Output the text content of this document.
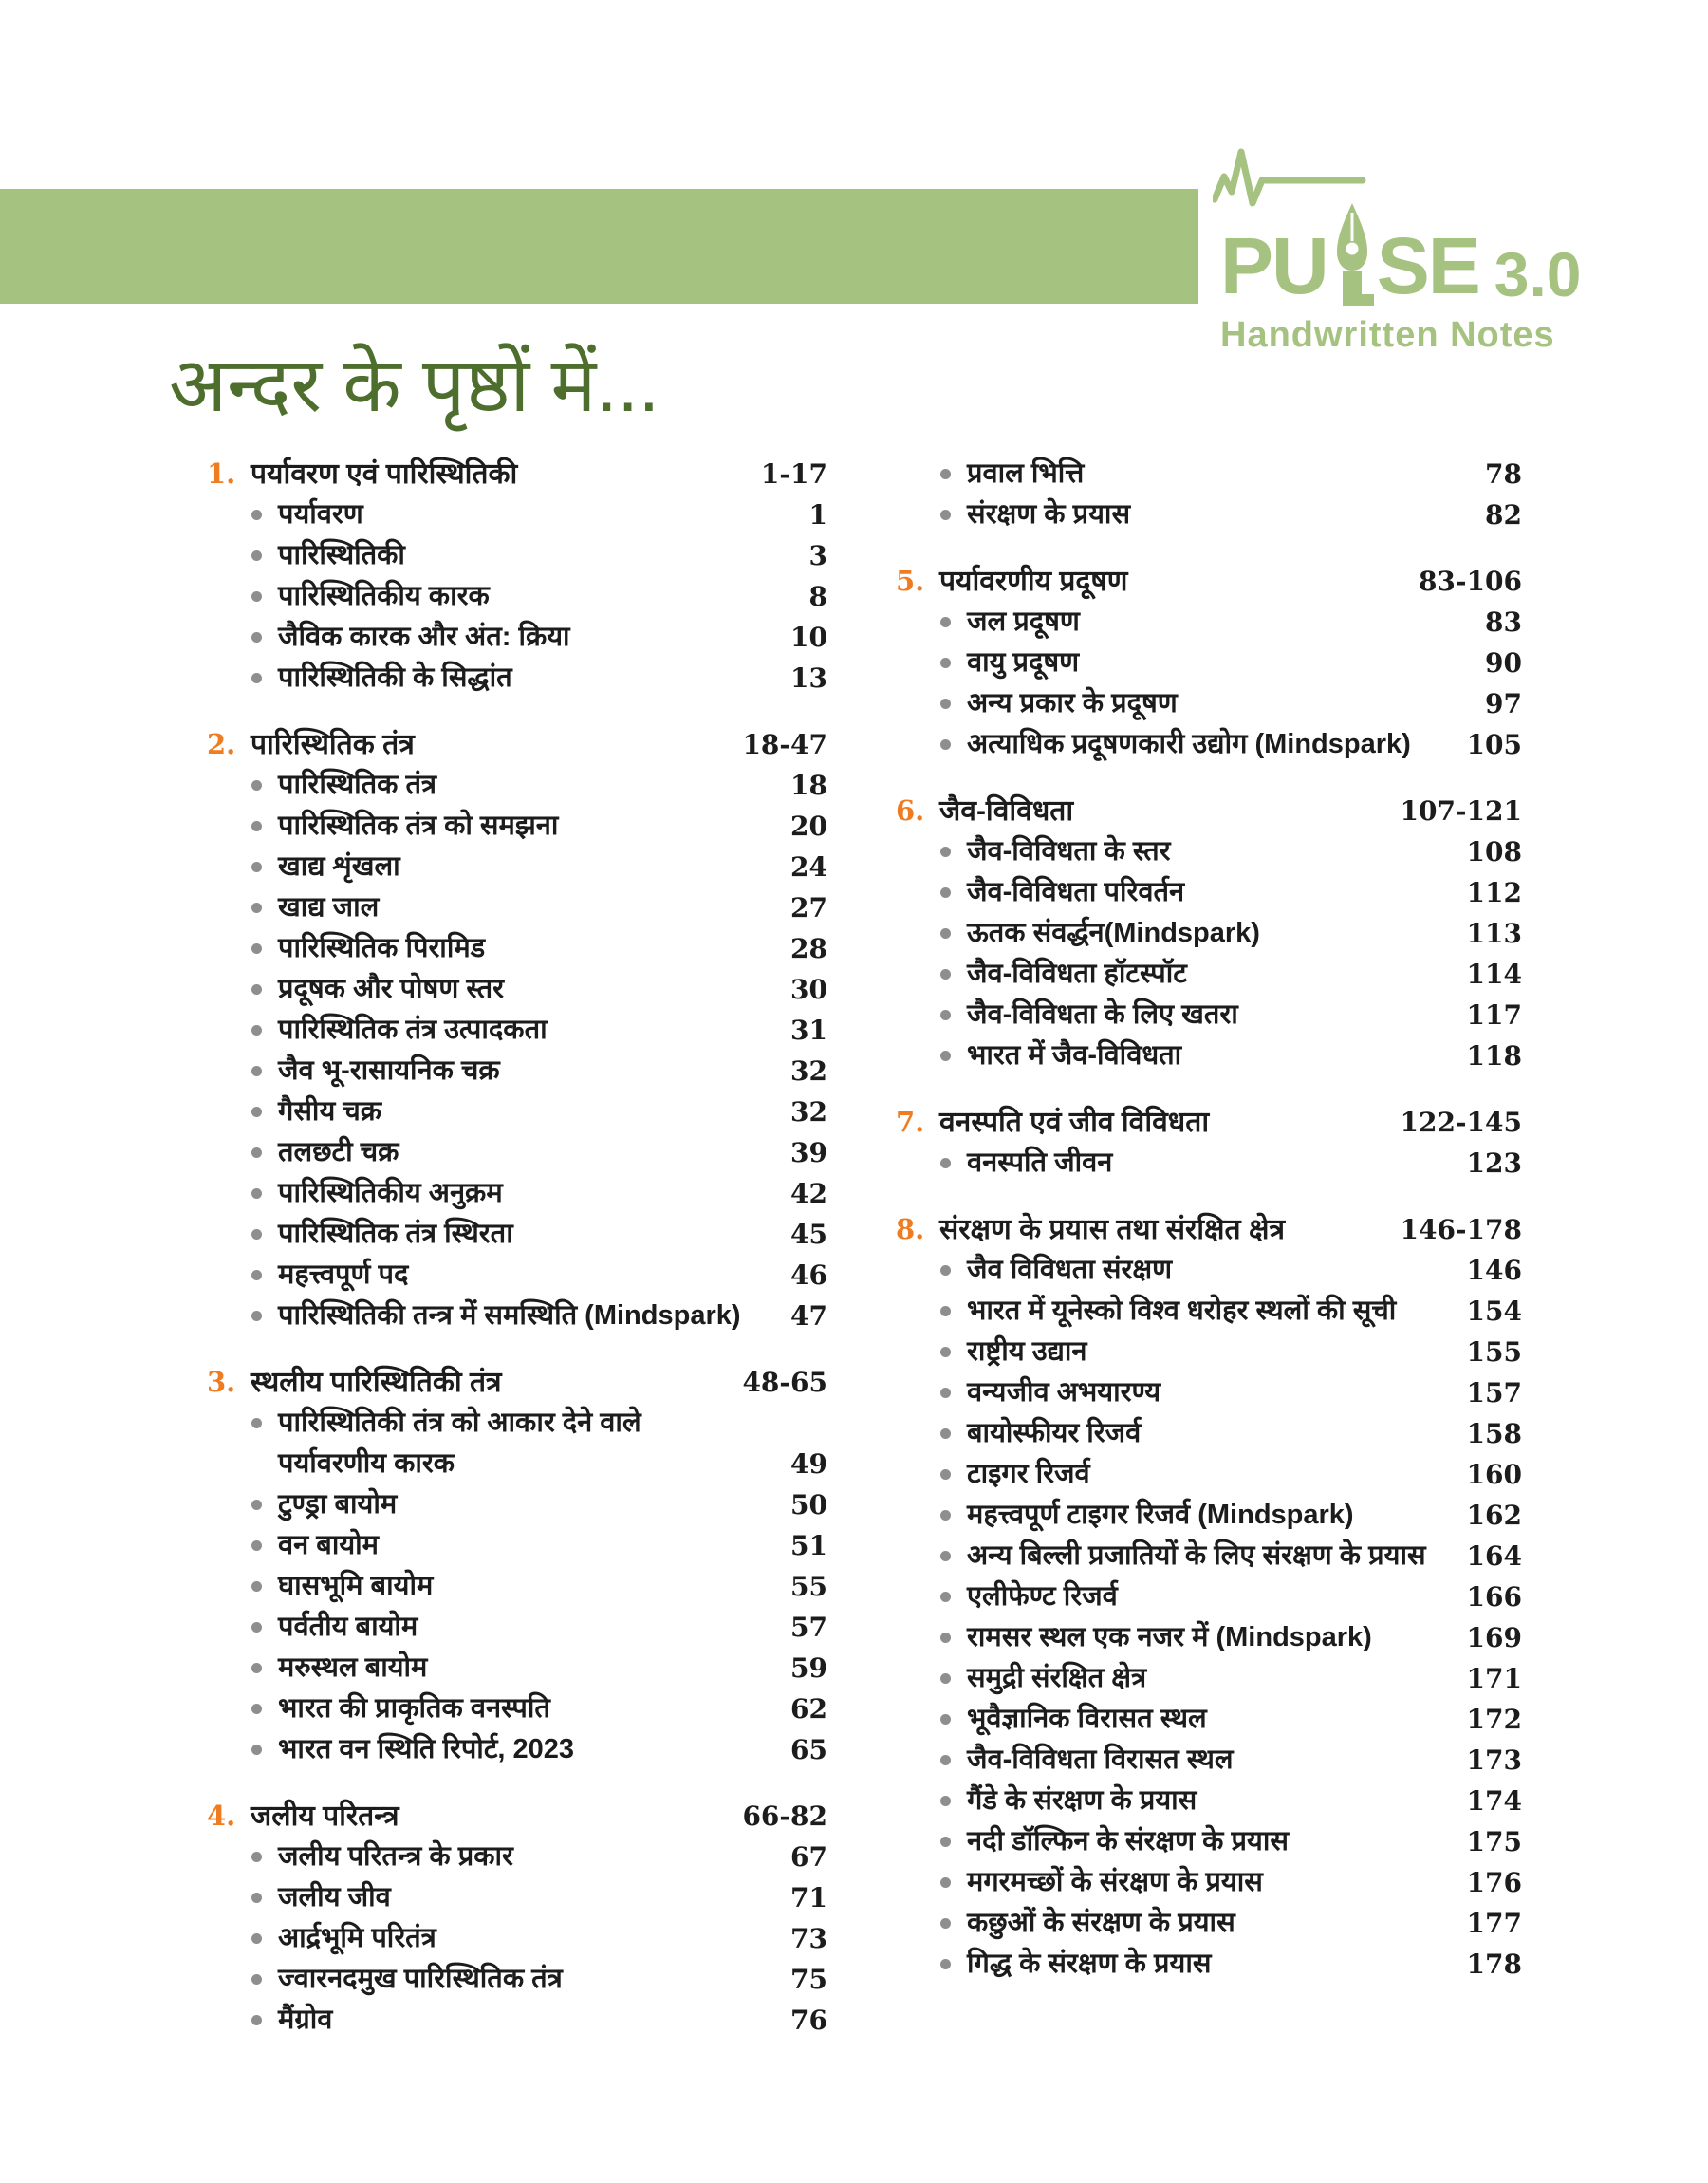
PU SE 3.0
Handwritten Notes
अन्दर के पृष्ठों में...
1. पर्यावरण एवं पारिस्थितिकी	1-17
पर्यावरण	1
पारिस्थितिकी	3
पारिस्थितिकीय कारक	8
जैविक कारक और अंत: क्रिया	10
पारिस्थितिकी के सिद्धांत	13
2. पारिस्थितिक तंत्र	18-47
पारिस्थितिक तंत्र	18
पारिस्थितिक तंत्र को समझना	20
खाद्य शृंखला	24
खाद्य जाल	27
पारिस्थितिक पिरामिड	28
प्रदूषक और पोषण स्तर	30
पारिस्थितिक तंत्र उत्पादकता	31
जैव भू-रासायनिक चक्र	32
गैसीय चक्र	32
तलछटी चक्र	39
पारिस्थितिकीय अनुक्रम	42
पारिस्थितिक तंत्र स्थिरता	45
महत्त्वपूर्ण पद	46
पारिस्थितिकी तन्त्र में समस्थिति (Mindspark)	47
3. स्थलीय पारिस्थितिकी तंत्र	48-65
पारिस्थितिकी तंत्र को आकार देने वाले
पर्यावरणीय कारक	49
टुण्ड्रा बायोम	50
वन बायोम	51
घासभूमि बायोम	55
पर्वतीय बायोम	57
मरुस्थल बायोम	59
भारत की प्राकृतिक वनस्पति	62
भारत वन स्थिति रिपोर्ट, 2023	65
4. जलीय परितन्त्र	66-82
जलीय परितन्त्र के प्रकार	67
जलीय जीव	71
आर्द्रभूमि परितंत्र	73
ज्वारनदमुख पारिस्थितिक तंत्र	75
मैंग्रोव	76
प्रवाल भित्ति	78
संरक्षण के प्रयास	82
5. पर्यावरणीय प्रदूषण	83-106
जल प्रदूषण	83
वायु प्रदूषण	90
अन्य प्रकार के प्रदूषण	97
अत्याधिक प्रदूषणकारी उद्योग (Mindspark)	105
6. जैव-विविधता	107-121
जैव-विविधता के स्तर	108
जैव-विविधता परिवर्तन	112
ऊतक संवर्द्धन(Mindspark)	113
जैव-विविधता हॉटस्पॉट	114
जैव-विविधता के लिए खतरा	117
भारत में जैव-विविधता	118
7. वनस्पति एवं जीव विविधता	122-145
वनस्पति जीवन	123
8. संरक्षण के प्रयास तथा संरक्षित क्षेत्र	146-178
जैव विविधता संरक्षण	146
भारत में यूनेस्को विश्व धरोहर स्थलों की सूची	154
राष्ट्रीय उद्यान	155
वन्यजीव अभयारण्य	157
बायोस्फीयर रिजर्व	158
टाइगर रिजर्व	160
महत्त्वपूर्ण टाइगर रिजर्व (Mindspark)	162
अन्य बिल्ली प्रजातियों के लिए संरक्षण के प्रयास	164
एलीफेण्ट रिजर्व	166
रामसर स्थल एक नजर में (Mindspark)	169
समुद्री संरक्षित क्षेत्र	171
भूवैज्ञानिक विरासत स्थल	172
जैव-विविधता विरासत स्थल	173
गैंडे के संरक्षण के प्रयास	174
नदी डॉल्फिन के संरक्षण के प्रयास	175
मगरमच्छों के संरक्षण के प्रयास	176
कछुओं के संरक्षण के प्रयास	177
गिद्ध के संरक्षण के प्रयास	178
